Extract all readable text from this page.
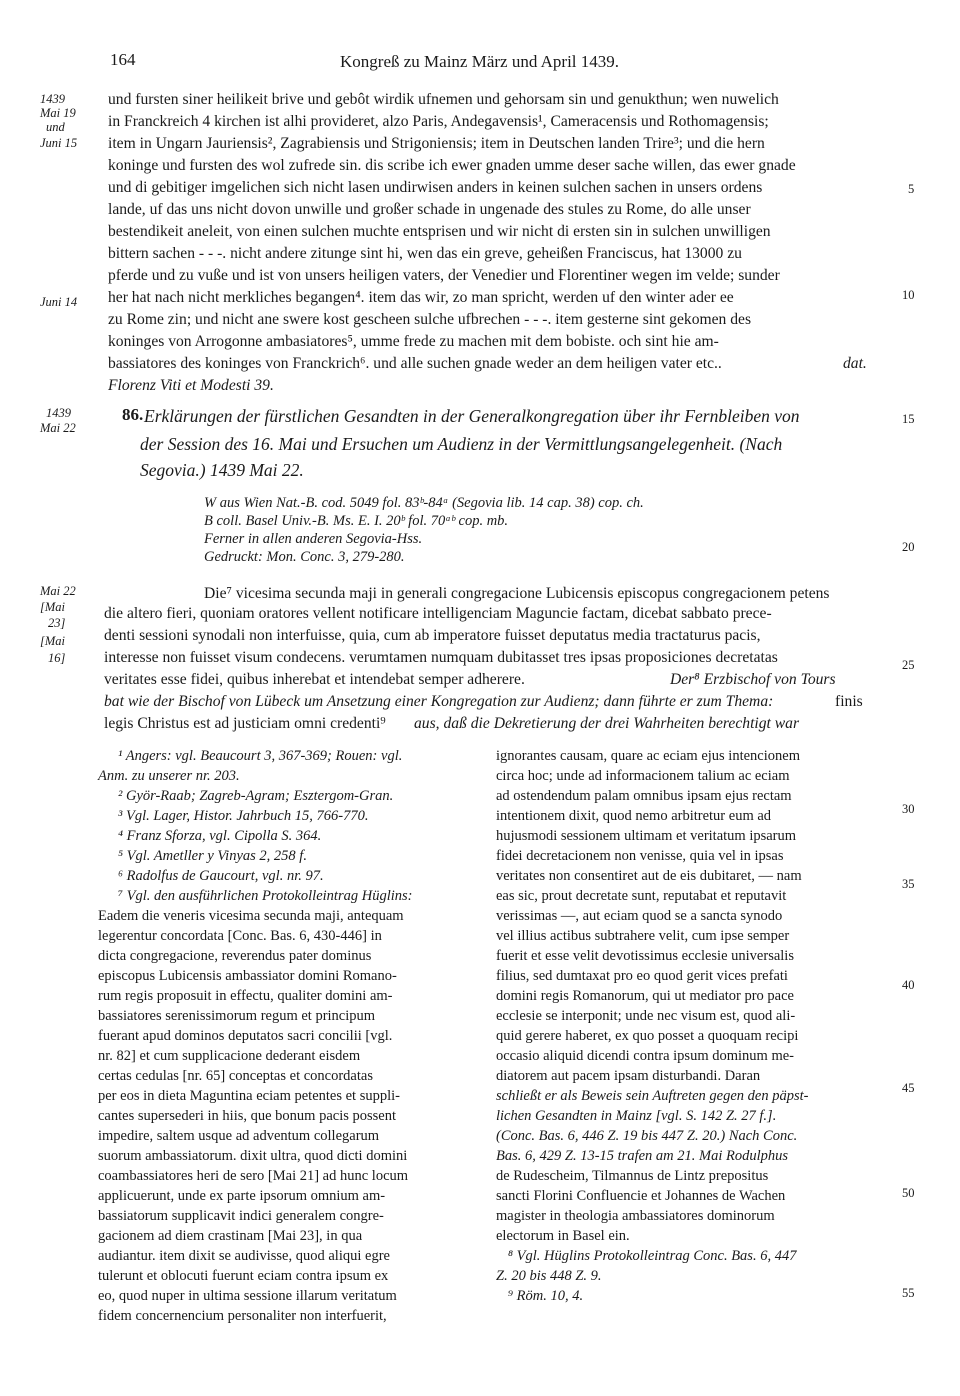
164	Kongreß zu Mainz März und April 1439.
1439
Mai 19
und
Juni 15
Juni 14
und fursten siner heilikeit brive und gebôt wirdik ufnemen und gehorsam sin und genukthun; wen nuwelich
in Franckreich 4 kirchen ist alhi provideret, alzo Paris, Andegavensis¹, Cameracensis und Rothomagensis;
item in Ungarn Jauriensis², Zagrabiensis und Strigoniensis; item in Deutschen landen Trire³; und die hern
koninge und fursten des wol zufrede sin. dis scribe ich ewer gnaden umme deser sache willen, das ewer gnade
und di gebitiger imgelichen sich nicht lasen undirwisen anders in keinen sulchen sachen in unsers ordens
lande, uf das uns nicht dovon unwille und großer schade in ungenade des stules zu Rome, do alle unser
bestendikeit aneleit, von einen sulchen muchte entsprisen und wir nicht di ersten sin in sulchen unwilligen
bittern sachen - - -. nicht andere zitunge sint hi, wen das ein greve, geheißen Franciscus, hat 13000 zu
pferde und zu vuße und ist von unsers heiligen vaters, der Venedier und Florentiner wegen im velde; sunder
her hat nach nicht merkliches begangen⁴. item das wir, zo man spricht, werden uf den winter ader ee
zu Rome zin; und nicht ane swere kost gescheen sulche ufbrechen - - -. item gesterne sint gekomen des
koninges von Arrogonne ambasiatores⁵, umme frede zu machen mit dem bobiste. och sint hie am-
bassiatores des koninges von Franckrich⁶. und alle suchen gnade weder an dem heiligen vater etc..	dat.
Florenz Viti et Modesti 39.
5
10
15
20
25
30
35
40
45
50
55
1439
Mai 22
86. Erklärungen der fürstlichen Gesandten in der Generalkongregation über ihr Fernbleiben von
der Session des 16. Mai und Ersuchen um Audienz in der Vermittlungsangelegenheit. (Nach
Segovia.) 1439 Mai 22.
W aus Wien Nat.-B. cod. 5049 fol. 83ᵇ-84ᵃ (Segovia lib. 14 cap. 38) cop. ch.
B coll. Basel Univ.-B. Ms. E. I. 20ᵇ fol. 70ᵃᵇ cop. mb.
Ferner in allen anderen Segovia-Hss.
Gedruckt: Mon. Conc. 3, 279-280.
Mai 22
[Mai
23]
[Mai
16]
Die⁷ vicesima secunda maji in generali congregacione Lubicensis episcopus congregacionem petens
die altero fieri, quoniam oratores vellent notificare intelligenciam Maguncie factam, dicebat sabbato prece-
denti sessioni synodali non interfuisse, quia, cum ab imperatore fuisset deputatus media tractaturus pacis,
interesse non fuisset visum condecens. verumtamen numquam dubitasset tres ipsas proposiciones decretatas
veritates esse fidei, quibus inherebat et intendebat semper adherere.	Der⁸ Erzbischof von Tours
bat wie der Bischof von Lübeck um Ansetzung einer Kongregation zur Audienz; dann führte er zum Thema:	finis
legis Christus est ad justiciam omni credenti⁹ aus, daß die Dekretierung der drei Wahrheiten berechtigt war
¹ Angers: vgl. Beaucourt 3, 367-369; Rouen: vgl.
Anm. zu unserer nr. 203.
² Györ-Raab; Zagreb-Agram; Esztergom-Gran.
³ Vgl. Lager, Histor. Jahrbuch 15, 766-770.
⁴ Franz Sforza, vgl. Cipolla S. 364.
⁵ Vgl. Ametller y Vinyas 2, 258 f.
⁶ Radolfus de Gaucourt, vgl. nr. 97.
⁷ Vgl. den ausführlichen Protokolleintrag Hüglins:
Eadem die veneris vicesima secunda maji, antequam
legerentur concordata [Conc. Bas. 6, 430-446] in
dicta congregacione, reverendus pater dominus
episcopus Lubicensis ambassiator domini Romano-
rum regis proposuit in effectu, qualiter domini am-
bassiatores serenissimorum regum et principum
fuerant apud dominos deputatos sacri concilii [vgl.
nr. 82] et cum supplicacione dederant eisdem
certas cedulas [nr. 65] conceptas et concordatas
per eos in dieta Maguntina eciam petentes et suppli-
cantes supersederi in hiis, que bonum pacis possent
impedire, saltem usque ad adventum collegarum
suorum ambassiatorum. dixit ultra, quod dicti domini
coambassiatores heri de sero [Mai 21] ad hunc locum
applicuerunt, unde ex parte ipsorum omnium am-
bassiatorum supplicavit indici generalem congre-
gacionem ad diem crastinam [Mai 23], in qua
audiantur. item dixit se audivisse, quod aliqui egre
tulerunt et oblocuti fuerunt eciam contra ipsum ex
eo, quod nuper in ultima sessione illarum veritatum
fidem concernencium personaliter non interfuerit,
ignorantes causam, quare ac eciam ejus intencionem
circa hoc; unde ad informacionem talium ac eciam
ad ostendendum palam omnibus ipsam ejus rectam
intentionem dixit, quod nemo arbitretur eum ad
hujusmodi sessionem ultimam et veritatum ipsarum
fidei decretacionem non venisse, quia vel in ipsas
veritates non consentiret aut de eis dubitaret, — nam
eas sic, prout decretate sunt, reputabat et reputavit
verissimas —, aut eciam quod se a sancta synodo
vel illius actibus subtrahere velit, cum ipse semper
fuerit et esse velit devotissimus ecclesie universalis
filius, sed dumtaxat pro eo quod gerit vices prefati
domini regis Romanorum, qui ut mediator pro pace
ecclesie se interponit; unde nec visum est, quod ali-
quid gerere haberet, ex quo posset a quoquam recipi
occasio aliquid dicendi contra ipsum dominum me-
diatorem aut pacem ipsam disturbandi. Daran
schließt er als Beweis sein Auftreten gegen den päpst-
lichen Gesandten in Mainz [vgl. S. 142 Z. 27 f.].
(Conc. Bas. 6, 446 Z. 19 bis 447 Z. 20.) Nach Conc.
Bas. 6, 429 Z. 13-15 trafen am 21. Mai Rodulphus
de Rudescheim, Tilmannus de Lintz prepositus
sancti Florini Confluencie et Johannes de Wachen
magister in theologia ambassiatores dominorum
electorum in Basel ein.
⁸ Vgl. Hüglins Protokolleintrag Conc. Bas. 6, 447
Z. 20 bis 448 Z. 9.
⁹ Röm. 10, 4.
